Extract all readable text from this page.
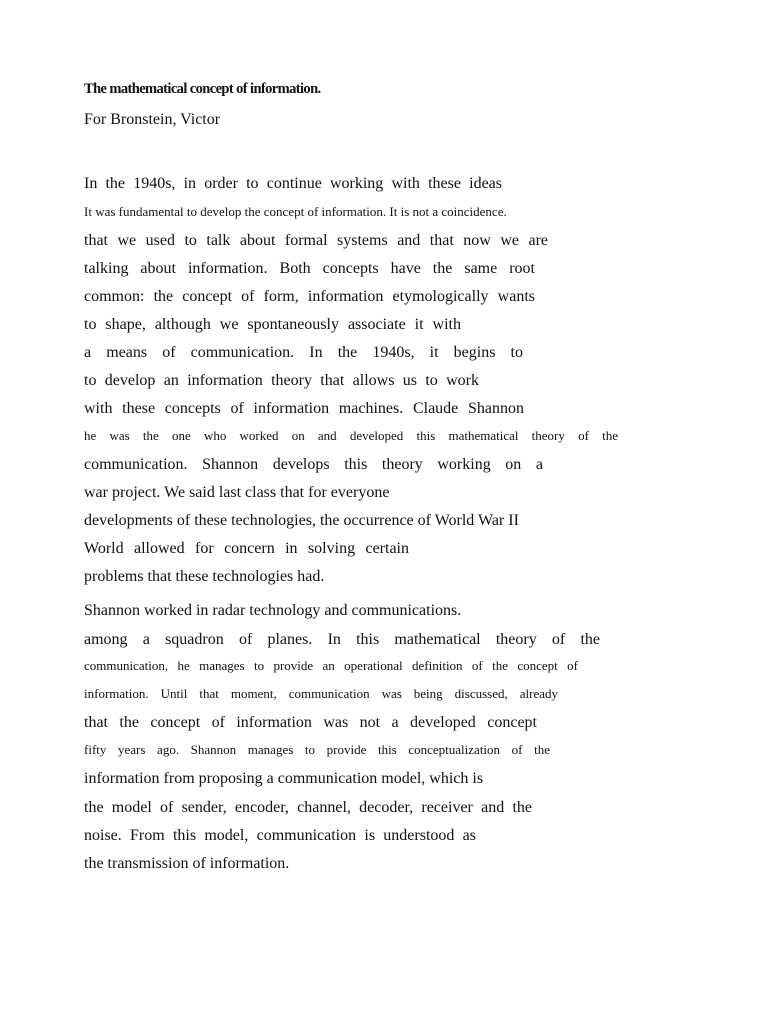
The mathematical concept of information.
For Bronstein, Victor
In the 1940s, in order to continue working with these ideas
It was fundamental to develop the concept of information. It is not a coincidence.
that we used to talk about formal systems and that now we are
talking about information. Both concepts have the same root
common: the concept of form, information etymologically wants
to shape, although we spontaneously associate it with
a means of communication. In the 1940s, it begins to
to develop an information theory that allows us to work
with these concepts of information machines. Claude Shannon
he was the one who worked on and developed this mathematical theory of the
communication. Shannon develops this theory working on a
war project. We said last class that for everyone
developments of these technologies, the occurrence of World War II
World allowed for concern in solving certain
problems that these technologies had.
Shannon worked in radar technology and communications.
among a squadron of planes. In this mathematical theory of the
communication, he manages to provide an operational definition of the concept of
information. Until that moment, communication was being discussed, already
that the concept of information was not a developed concept
fifty years ago. Shannon manages to provide this conceptualization of the
information from proposing a communication model, which is
the model of sender, encoder, channel, decoder, receiver and the
noise. From this model, communication is understood as
the transmission of information.
